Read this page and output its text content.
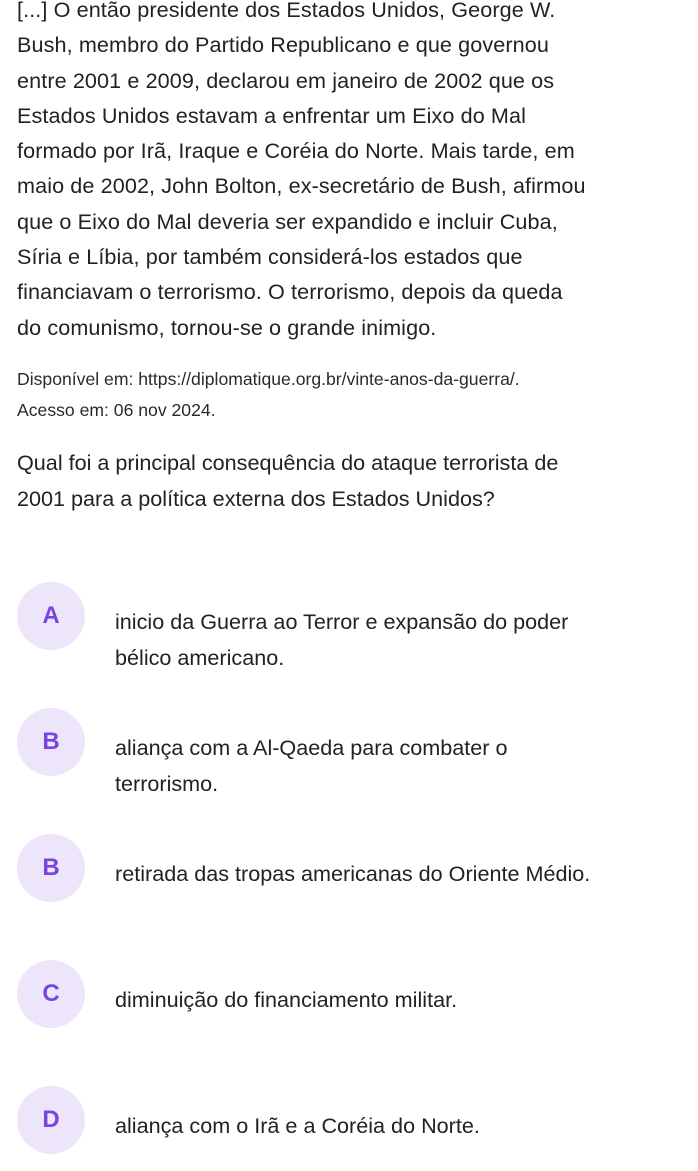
[...] O então presidente dos Estados Unidos, George W.
Bush, membro do Partido Republicano e que governou
entre 2001 e 2009, declarou em janeiro de 2002 que os
Estados Unidos estavam a enfrentar um Eixo do Mal
formado por Irã, Iraque e Coréia do Norte. Mais tarde, em
maio de 2002, John Bolton, ex-secretário de Bush, afirmou
que o Eixo do Mal deveria ser expandido e incluir Cuba,
Síria e Líbia, por também considerá-los estados que
financiavam o terrorismo. O terrorismo, depois da queda
do comunismo, tornou-se o grande inimigo.

Disponível em: https://diplomatique.org.br/vinte-anos-da-guerra/.
Acesso em: 06 nov 2024.

Qual foi a principal consequência do ataque terrorista de
2001 para a política externa dos Estados Unidos?

A	inicio da Guerra ao Terror e expansão do poder
bélico americano.
B	aliança com a Al-Qaeda para combater o
terrorismo.
B	retirada das tropas americanas do Oriente Médio.
C	diminuição do financiamento militar.
D	aliança com o Irã e a Coréia do Norte.
